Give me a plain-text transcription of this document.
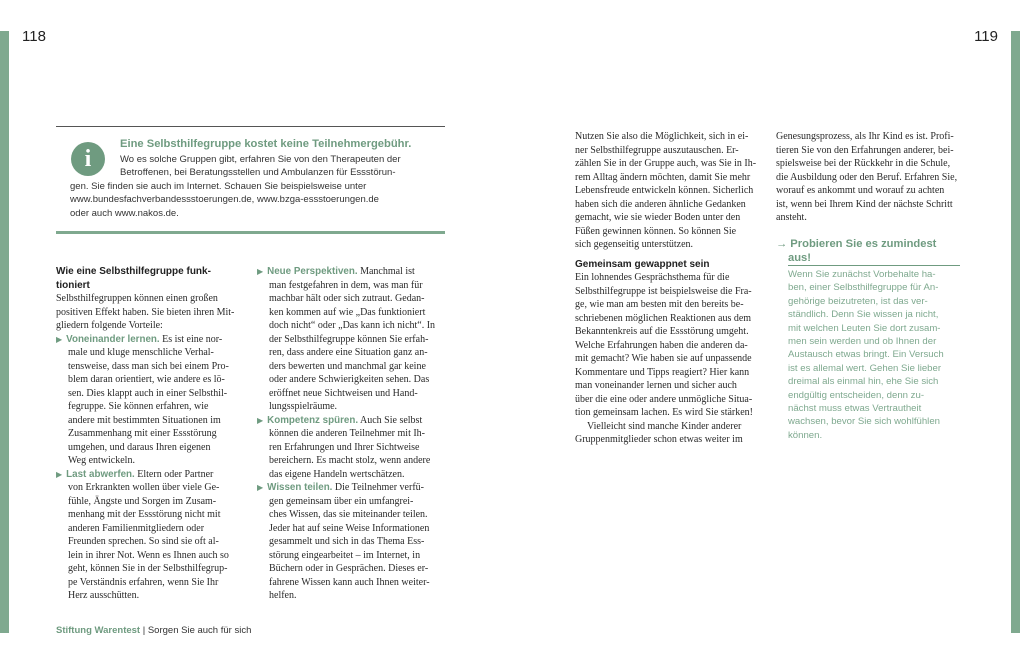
118	119
i
Eine Selbsthilfegruppe kostet keine Teilnehmergebühr.
Wo es solche Gruppen gibt, erfahren Sie von den Therapeuten der
Betroffenen, bei Beratungsstellen und Ambulanzen für Essstörun-
gen. Sie finden sie auch im Internet. Schauen Sie beispielsweise unter
www.bundesfachverbandessstoerungen.de, www.bzga-essstoerungen.de
oder auch www.nakos.de.
Wie eine Selbsthilfegruppe funk-
tioniert
Selbsthilfegruppen können einen großen
positiven Effekt haben. Sie bieten ihren Mit-
gliedern folgende Vorteile:
▶ Voneinander lernen. Es ist eine nor-
male und kluge menschliche Verhal-
tensweise, dass man sich bei einem Pro-
blem daran orientiert, wie andere es lö-
sen. Dies klappt auch in einer Selbsthil-
fegruppe. Sie können erfahren, wie
andere mit bestimmten Situationen im
Zusammenhang mit einer Essstörung
umgehen, und daraus Ihren eigenen
Weg entwickeln.
▶ Last abwerfen. Eltern oder Partner
von Erkrankten wollen über viele Ge-
fühle, Ängste und Sorgen im Zusam-
menhang mit der Essstörung nicht mit
anderen Familienmitgliedern oder
Freunden sprechen. So sind sie oft al-
lein in ihrer Not. Wenn es Ihnen auch so
geht, können Sie in der Selbsthilfegrup-
pe Verständnis erfahren, wenn Sie Ihr
Herz ausschütten.
▶ Neue Perspektiven. Manchmal ist
man festgefahren in dem, was man für
machbar hält oder sich zutraut. Gedan-
ken kommen auf wie „Das funktioniert
doch nicht“ oder „Das kann ich nicht“. In
der Selbsthilfegruppe können Sie erfah-
ren, dass andere eine Situation ganz an-
ders bewerten und manchmal gar keine
oder andere Schwierigkeiten sehen. Das
eröffnet neue Sichtweisen und Hand-
lungsspielräume.
▶ Kompetenz spüren. Auch Sie selbst
können die anderen Teilnehmer mit Ih-
ren Erfahrungen und Ihrer Sichtweise
bereichern. Es macht stolz, wenn andere
das eigene Handeln wertschätzen.
▶ Wissen teilen. Die Teilnehmer verfü-
gen gemeinsam über ein umfangrei-
ches Wissen, das sie miteinander teilen.
Jeder hat auf seine Weise Informationen
gesammelt und sich in das Thema Ess-
störung eingearbeitet – im Internet, in
Büchern oder in Gesprächen. Dieses er-
fahrene Wissen kann auch Ihnen weiter-
helfen.
Nutzen Sie also die Möglichkeit, sich in ei-
ner Selbsthilfegruppe auszutauschen. Er-
zählen Sie in der Gruppe auch, was Sie in Ih-
rem Alltag ändern möchten, damit Sie mehr
Lebensfreude entwickeln können. Sicherlich
haben sich die anderen ähnliche Gedanken
gemacht, wie sie wieder Boden unter den
Füßen gewinnen können. So können Sie
sich gegenseitig unterstützen.
Gemeinsam gewappnet sein
Ein lohnendes Gesprächsthema für die
Selbsthilfegruppe ist beispielsweise die Fra-
ge, wie man am besten mit den bereits be-
schriebenen möglichen Reaktionen aus dem
Bekanntenkreis auf die Essstörung umgeht.
Welche Erfahrungen haben die anderen da-
mit gemacht? Wie haben sie auf unpassende
Kommentare und Tipps reagiert? Hier kann
man voneinander lernen und sicher auch
über die eine oder andere unmögliche Situa-
tion gemeinsam lachen. Es wird Sie stärken!
Vielleicht sind manche Kinder anderer
Gruppenmitglieder schon etwas weiter im
Genesungsprozess, als Ihr Kind es ist. Profi-
tieren Sie von den Erfahrungen anderer, bei-
spielsweise bei der Rückkehr in die Schule,
die Ausbildung oder den Beruf. Erfahren Sie,
worauf es ankommt und worauf zu achten
ist, wenn bei Ihrem Kind der nächste Schritt
ansteht.
→ Probieren Sie es zumindest
aus!
Wenn Sie zunächst Vorbehalte ha-
ben, einer Selbsthilfegruppe für An-
gehörige beizutreten, ist das ver-
ständlich. Denn Sie wissen ja nicht,
mit welchen Leuten Sie dort zusam-
men sein werden und ob Ihnen der
Austausch etwas bringt. Ein Versuch
ist es allemal wert. Gehen Sie lieber
dreimal als einmal hin, ehe Sie sich
endgültig entscheiden, denn zu-
nächst muss etwas Vertrautheit
wachsen, bevor Sie sich wohlfühlen
können.
Stiftung Warentest | Sorgen Sie auch für sich
